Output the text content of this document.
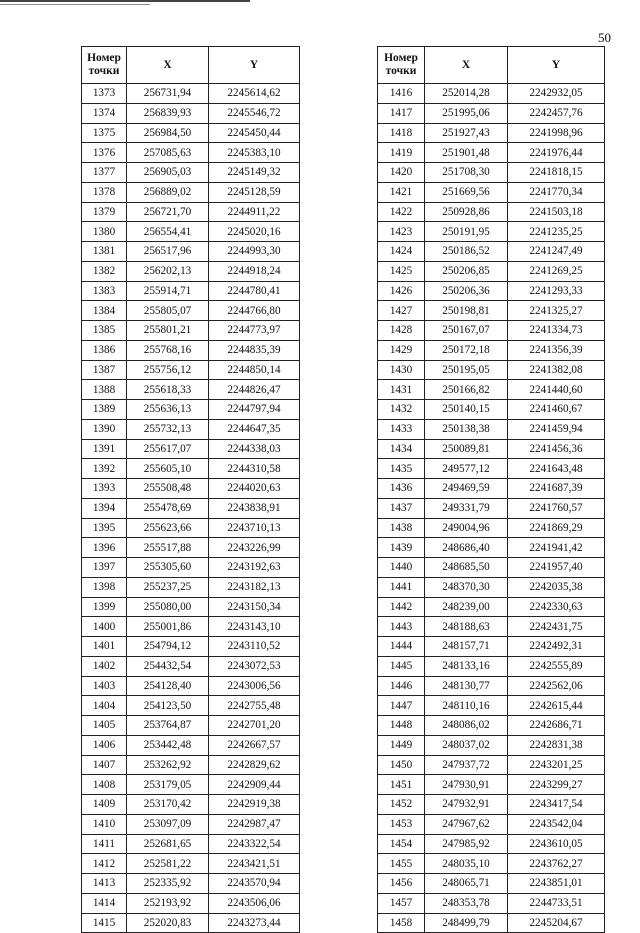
50
Номер точки	X	Y
1373	256731,94	2245614,62
1374	256839,93	2245546,72
1375	256984,50	2245450,44
1376	257085,63	2245383,10
1377	256905,03	2245149,32
1378	256889,02	2245128,59
1379	256721,70	2244911,22
1380	256554,41	2245020,16
1381	256517,96	2244993,30
1382	256202,13	2244918,24
1383	255914,71	2244780,41
1384	255805,07	2244766,80
1385	255801,21	2244773,97
1386	255768,16	2244835,39
1387	255756,12	2244850,14
1388	255618,33	2244826,47
1389	255636,13	2244797,94
1390	255732,13	2244647,35
1391	255617,07	2244338,03
1392	255605,10	2244310,58
1393	255508,48	2244020,63
1394	255478,69	2243838,91
1395	255623,66	2243710,13
1396	255517,88	2243226,99
1397	255305,60	2243192,63
1398	255237,25	2243182,13
1399	255080,00	2243150,34
1400	255001,86	2243143,10
1401	254794,12	2243110,52
1402	254432,54	2243072,53
1403	254128,40	2243006,56
1404	254123,50	2242755,48
1405	253764,87	2242701,20
1406	253442,48	2242667,57
1407	253262,92	2242829,62
1408	253179,05	2242909,44
1409	253170,42	2242919,38
1410	253097,09	2242987,47
1411	252681,65	2243322,54
1412	252581,22	2243421,51
1413	252335,92	2243570,94
1414	252193,92	2243506,06
1415	252020,83	2243273,44
Номер точки	X	Y
1416	252014,28	2242932,05
1417	251995,06	2242457,76
1418	251927,43	2241998,96
1419	251901,48	2241976,44
1420	251708,30	2241818,15
1421	251669,56	2241770,34
1422	250928,86	2241503,18
1423	250191,95	2241235,25
1424	250186,52	2241247,49
1425	250206,85	2241269,25
1426	250206,36	2241293,33
1427	250198,81	2241325,27
1428	250167,07	2241334,73
1429	250172,18	2241356,39
1430	250195,05	2241382,08
1431	250166,82	2241440,60
1432	250140,15	2241460,67
1433	250138,38	2241459,94
1434	250089,81	2241456,36
1435	249577,12	2241643,48
1436	249469,59	2241687,39
1437	249331,79	2241760,57
1438	249004,96	2241869,29
1439	248686,40	2241941,42
1440	248685,50	2241957,40
1441	248370,30	2242035,38
1442	248239,00	2242330,63
1443	248188,63	2242431,75
1444	248157,71	2242492,31
1445	248133,16	2242555,89
1446	248130,77	2242562,06
1447	248110,16	2242615,44
1448	248086,02	2242686,71
1449	248037,02	2242831,38
1450	247937,72	2243201,25
1451	247930,91	2243299,27
1452	247932,91	2243417,54
1453	247967,62	2243542,04
1454	247985,92	2243610,05
1455	248035,10	2243762,27
1456	248065,71	2243851,01
1457	248353,78	2244733,51
1458	248499,79	2245204,67
